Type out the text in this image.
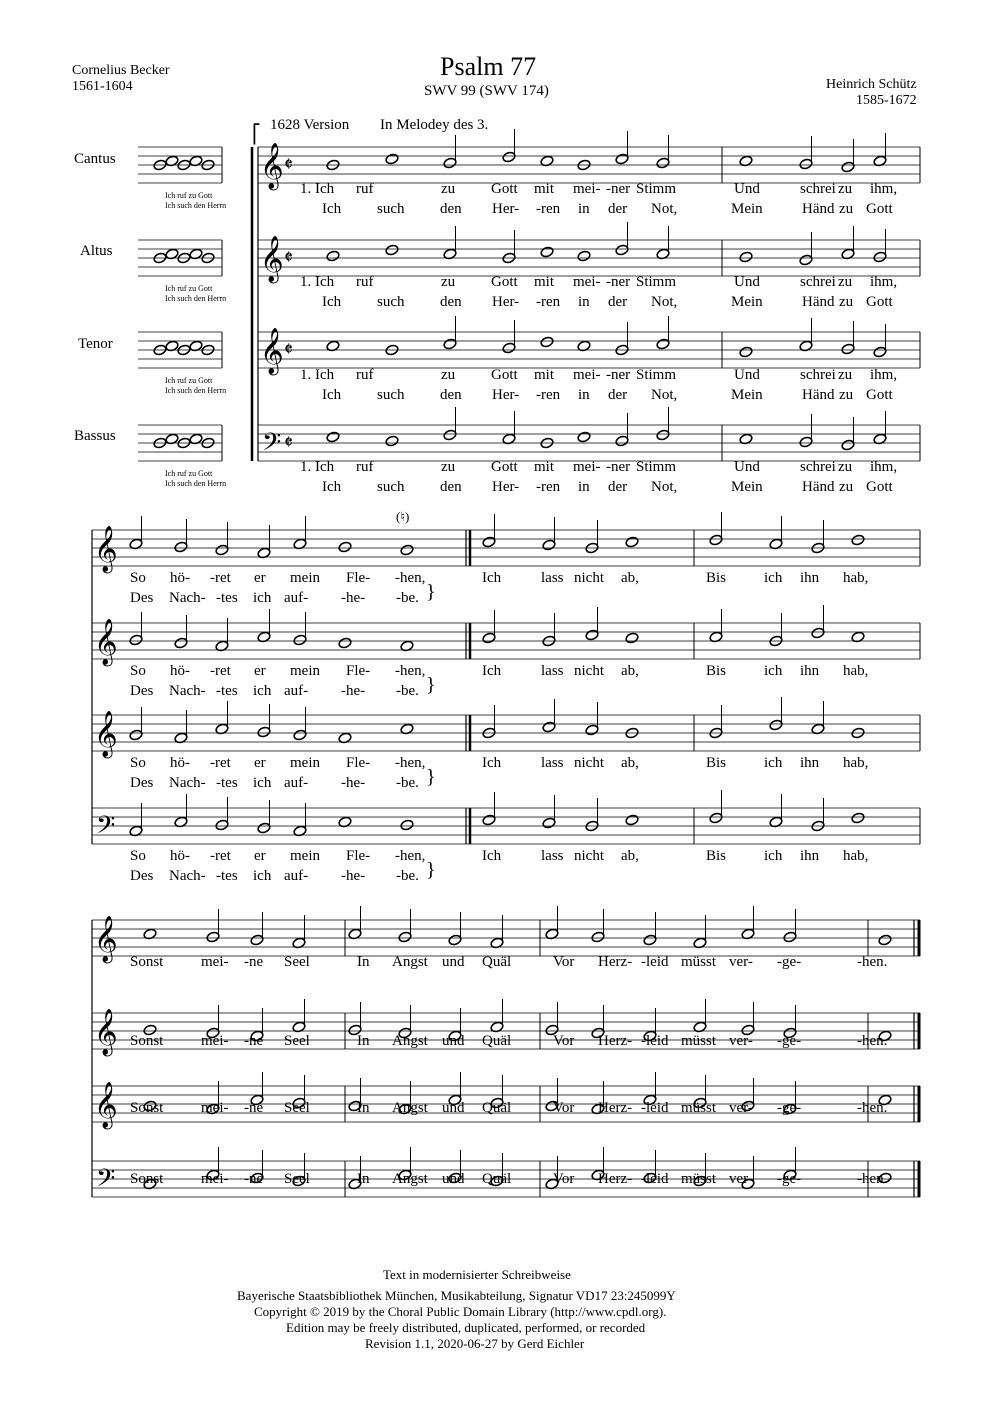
Cornelius Becker
1561-1604
Psalm 77
SWV 99 (SWV 174)	Heinrich Schütz
1585-1672
1628 Version In Melodey des 3.
Cantus
Altus
Tenor
Bassus
(♮)
Text in modernisierter Schreibweise
Bayerische Staatsbibliothek München, Musikabteilung, Signatur VD17 23:245099Y
Copyright © 2019 by the Choral Public Domain Library (http://www.cpdl.org).
Edition may be freely distributed, duplicated, performed, or recorded
Revision 1.1, 2020-06-27 by Gerd Eichler
Ich ruf zu Gott
Ich such den Herrn
𝄞 𝄵
Ich ruf zu Gott
Ich such den Herrn
𝄞 𝄵
Ich ruf zu Gott
Ich such den Herrn
𝄞 𝄵
Ich ruf zu Gott
Ich such den Herrn
𝄢 𝄵
⎡
1. Ich ruf	zu Gott mit mei- -ner Stimm	Und	schrei zu ihm,
Ich such den Her- -ren in der Not,	Mein	Händ zu Gott
1. Ich ruf	zu Gott mit mei- -ner Stimm	Und	schrei zu ihm,
Ich such den Her- -ren in der Not,	Mein	Händ zu Gott
1. Ich ruf	zu Gott mit mei- -ner Stimm	Und	schrei zu ihm,
Ich such den Her- -ren in der Not,	Mein	Händ zu Gott
1. Ich ruf	zu Gott mit mei- -ner Stimm	Und	schrei zu ihm,
Ich such den Her- -ren in der Not,	Mein	Händ zu Gott
𝄞
𝄞
𝄞
𝄢
So hö- -ret er mein Fle- -hen,	Ich	lass nicht ab,	Bis	ich ihn hab,
Des Nach- -tes ich auf- -he- -be. }
So hö- -ret er mein Fle- -hen,	Ich	lass nicht ab,	Bis	ich ihn hab,
Des Nach- -tes ich auf- -he- -be. }
So hö- -ret er mein Fle- -hen,	Ich	lass nicht ab,	Bis	ich ihn hab,
Des Nach- -tes ich auf- -he- -be. }
So hö- -ret er mein Fle- -hen,	Ich	lass nicht ab,	Bis	ich ihn hab,
Des Nach- -tes ich auf- -he- -be. }
𝄞
𝄞
𝄞
𝄢
Sonst	mei- -ne Seel	In Angst und Quäl	Vor Herz- -leid müsst ver- -ge-	-hen.
Sonst	mei- -ne Seel	In Angst und Quäl	Vor Herz- -leid müsst ver- -ge-	-hen.
Sonst	mei- -ne Seel	In Angst und Quäl	Vor Herz- -leid müsst ver- -ge-	-hen.
Sonst	mei- -ne Seel	In Angst und Quäl	Vor Herz- -leid müsst ver- -ge-	-hen.
